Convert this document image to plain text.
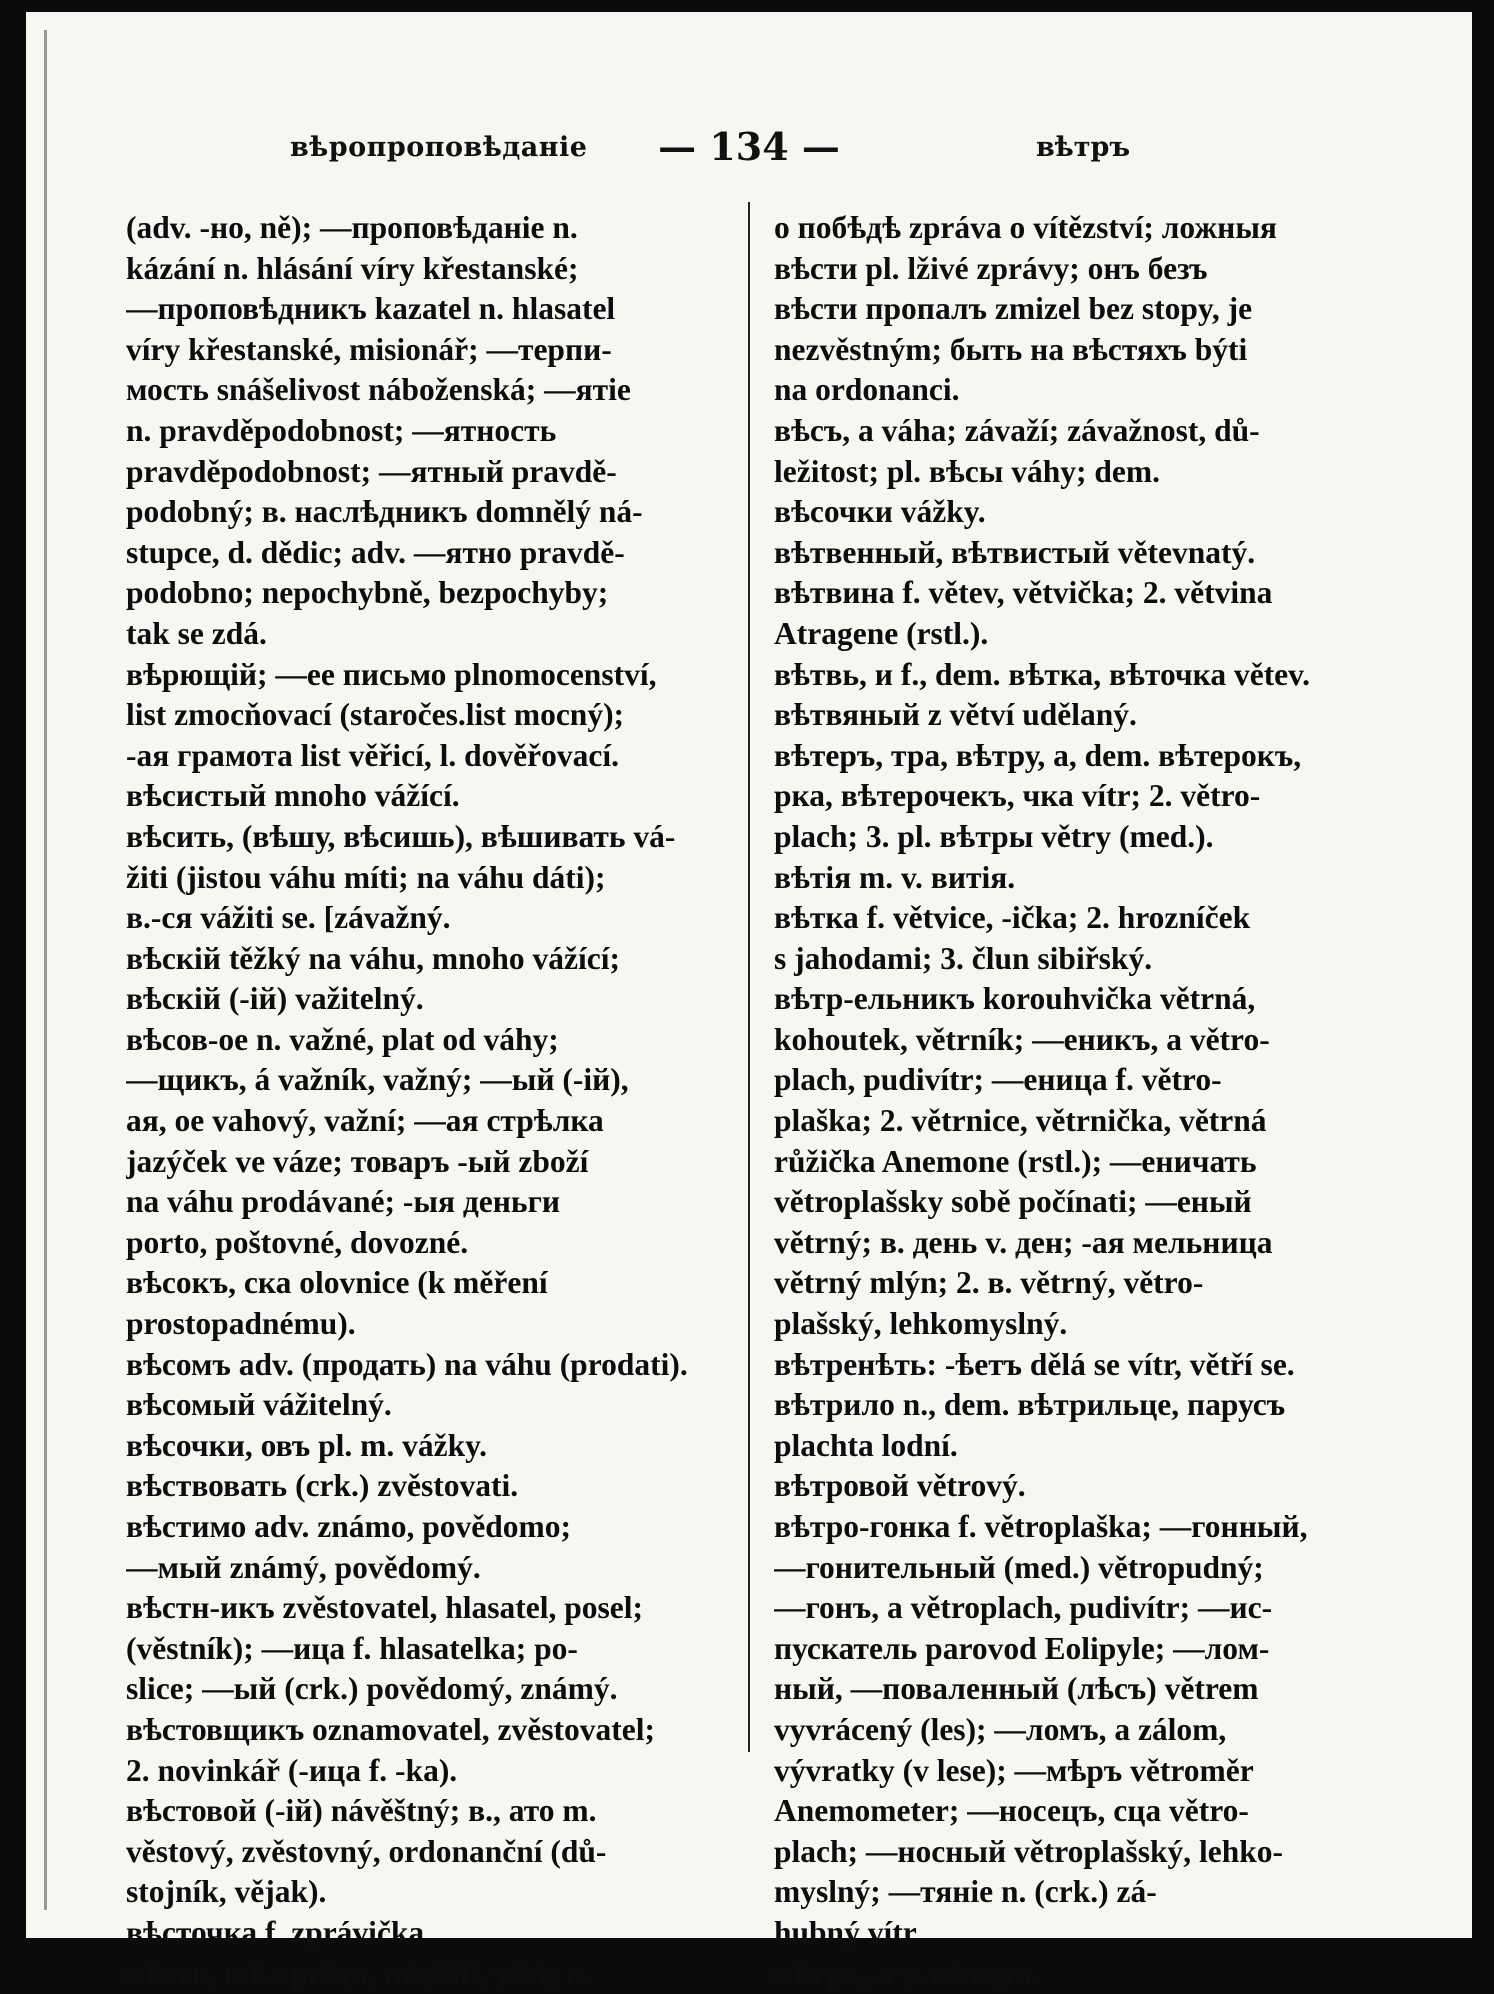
вѣропроповѣданіе	— 134 —	вѣтръ
(adv. -но, ně); —проповѣданіе n.
kázání n. hlásání víry křestanské;
—проповѣдникъ kazatel n. hlasatel
víry křestanské, misionář; —терпи-
мость snášelivost náboženská; —ятіе
n. pravděpodobnost; —ятность
pravděpodobnost; —ятный pravdě-
podobný; в. наслѣдникъ domnělý ná-
stupce, d. dědic; adv. —ятно pravdě-
podobno; nepochybně, bezpochyby;
tak se zdá.
вѣрющій; —ее письмо plnomocenství,
list zmocňovací (staročes.list mocný);
-ая грамота list věřicí, l. dověřovací.
вѣсистый mnoho vážící.
вѣсить, (вѣшу, вѣсишь), вѣшивать vá-
žiti (jistou váhu míti; na váhu dáti);
в.-ся vážiti se. [závažný.
вѣскій těžký na váhu, mnoho vážící;
вѣскій (-ій) važitelný.
вѣсов-ое n. važné, plat od váhy;
—щикъ, á važník, važný; —ый (-ій),
ая, ое vahový, važní; —ая стрѣлка
jazýček ve váze; товаръ -ый zboží
na váhu prodávané; -ыя деньги
porto, poštovné, dovozné.
вѣсокъ, ска olovnice (k měření
prostopadnému).
вѣсомъ adv. (продать) na váhu (prodati).
вѣсомый vážitelný.
вѣсочки, овъ pl. m. vážky.
вѣствовать (crk.) zvěstovati.
вѣстимо adv. známo, povědomo;
—мый známý, povědomý.
вѣстн-икъ zvěstovatel, hlasatel, posel;
(věstník); —ица f. hlasatelka; po-
slice; —ый (crk.) povědomý, známý.
вѣстовщикъ oznamovatel, zvěstovatel;
2. novinkář (-ица f. -ka).
вѣстовой (-ій) návěštný; в., ато m.
věstový, zvěstovný, ordonanční (dů-
stojník, vějak).
вѣсточка f. zprávička.
вѣсть, и f. zpráva, návěští, věst; в.
о побѣдѣ zpráva o vítězství; ложныя
вѣсти pl. lživé zprávy; онъ безъ
вѣсти пропалъ zmizel bez stopy, je
nezvěstným; быть на вѣстяхъ býti
na ordonanci.
вѣсъ, а váha; závaží; závažnost, dů-
ležitost; pl. вѣсы váhy; dem.
вѣсочки vážky.
вѣтвенный, вѣтвистый větevnatý.
вѣтвина f. větev, větvička; 2. větvina
Atragene (rstl.).
вѣтвь, и f., dem. вѣтка, вѣточка větev.
вѣтвяный z větví udělaný.
вѣтеръ, тра, вѣтру, а, dem. вѣтерокъ,
рка, вѣтерочекъ, чка vítr; 2. větro-
plach; 3. pl. вѣтры větry (med.).
вѣтія m. v. витія.
вѣтка f. větvice, -ička; 2. hrozníček
s jahodami; 3. člun sibiřský.
вѣтр-ельникъ korouhvička větrná,
kohoutek, větrník; —еникъ, а větro-
plach, pudivítr; —еница f. větro-
plaška; 2. větrnice, větrnička, větrná
růžička Anemone (rstl.); —еничать
větroplašsky sobě počínati; —еный
větrný; в. день v. ден; -ая мельница
větrný mlýn; 2. в. větrný, větro-
plašský, lehkomyslný.
вѣтренѣть: -ѣетъ dělá se vítr, větří se.
вѣтрило n., dem. вѣтрильце, парусъ
plachta lodní.
вѣтровой větrový.
вѣтро-гонка f. větroplaška; —гонный,
—гонительный (med.) větropudný;
—гонъ, а větroplach, pudivítr; —ис-
пускатель parovod Eolipyle; —лом-
ный, —поваленный (лѣсъ) větrem
vyvrácený (les); —ломъ, а zálom,
vývratky (v lese); —мѣръ větroměr
Anemometer; —носецъ, сца větro-
plach; —носный větroplašský, lehko-
myslný; —тяніе n. (crk.) zá-
hubný vítr.
вѣтръ, а v. вѣтеръ.
